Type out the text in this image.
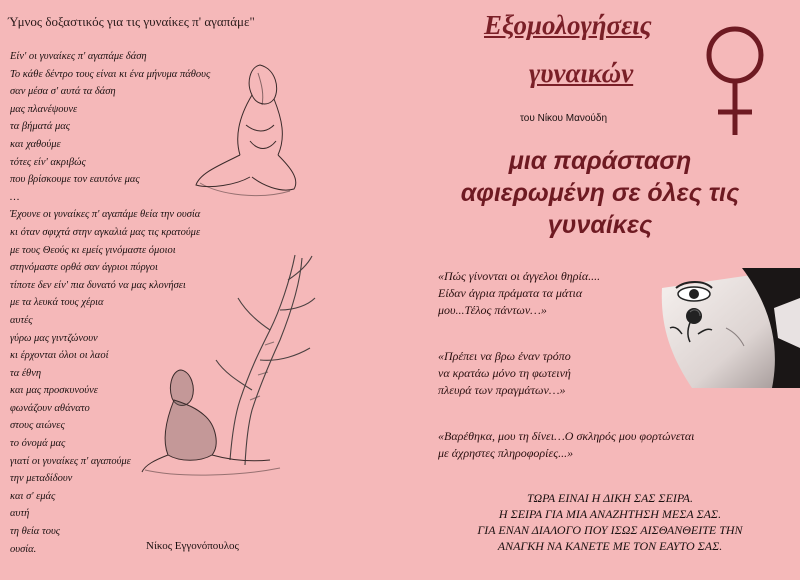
Ύμνος δοξαστικός για τις γυναίκες π' αγαπάμε"
Είν' οι γυναίκες π' αγαπάμε δάση
Το κάθε δέντρο τους είναι κι ένα μήνυμα πάθους
σαν μέσα σ' αυτά τα δάση
μας πλανέψουνε
τα βήματά μας
και χαθούμε
τότες είν' ακριβώς
που βρίσκουμε τον εαυτόνε μας
…
Έχουνε οι γυναίκες π' αγαπάμε θεία την ουσία
κι όταν σφιχτά στην αγκαλιά μας τις κρατούμε
με τους Θεούς κι εμείς γινόμαστε όμοιοι
στηνόμαστε ορθά σαν άγριοι πύργοι
τίποτε δεν είν' πια δυνατό να μας κλονήσει
με τα λευκά τους χέρια
αυτές
γύρω μας γιντζώνουν
κι έρχονται όλοι οι λαοί
τα έθνη
και μας προσκυνούνε
φωνάζουν αθάνατο
στους αιώνες
το όνομά μας
γιατί οι γυναίκες π' αγαπούμε
την μεταδίδουν
και σ' εμάς
αυτή
τη θεία τους
ουσία.	Νίκος Εγγονόπουλος
Εξομολογήσεις
γυναικών
του Νίκου Μανούδη
μια παράσταση
αφιερωμένη σε όλες τις
γυναίκες
«Πώς γίνονται οι άγγελοι θηρία....
Είδαν άγρια πράματα τα μάτια
μου...Τέλος πάντων…»
«Πρέπει να βρω έναν τρόπο
να κρατάω μόνο τη φωτεινή
πλευρά των πραγμάτων…»
«Βαρέθηκα, μου τη δίνει…Ο σκληρός μου φορτώνεται
με άχρηστες πληροφορίες...»
ΤΩΡΑ ΕΙΝΑΙ Η ΔΙΚΗ ΣΑΣ ΣΕΙΡΑ.
Η ΣΕΙΡΑ ΓΙΑ ΜΙΑ ΑΝΑΖΗΤΗΣΗ ΜΕΣΑ ΣΑΣ.
ΓΙΑ ΕΝΑΝ ΔΙΑΛΟΓΟ ΠΟΥ ΙΣΩΣ ΑΙΣΘΑΝΘΕΙΤΕ ΤΗΝ
ΑΝΑΓΚΗ ΝΑ ΚΑΝΕΤΕ ΜΕ ΤΟΝ ΕΑΥΤΟ ΣΑΣ.
